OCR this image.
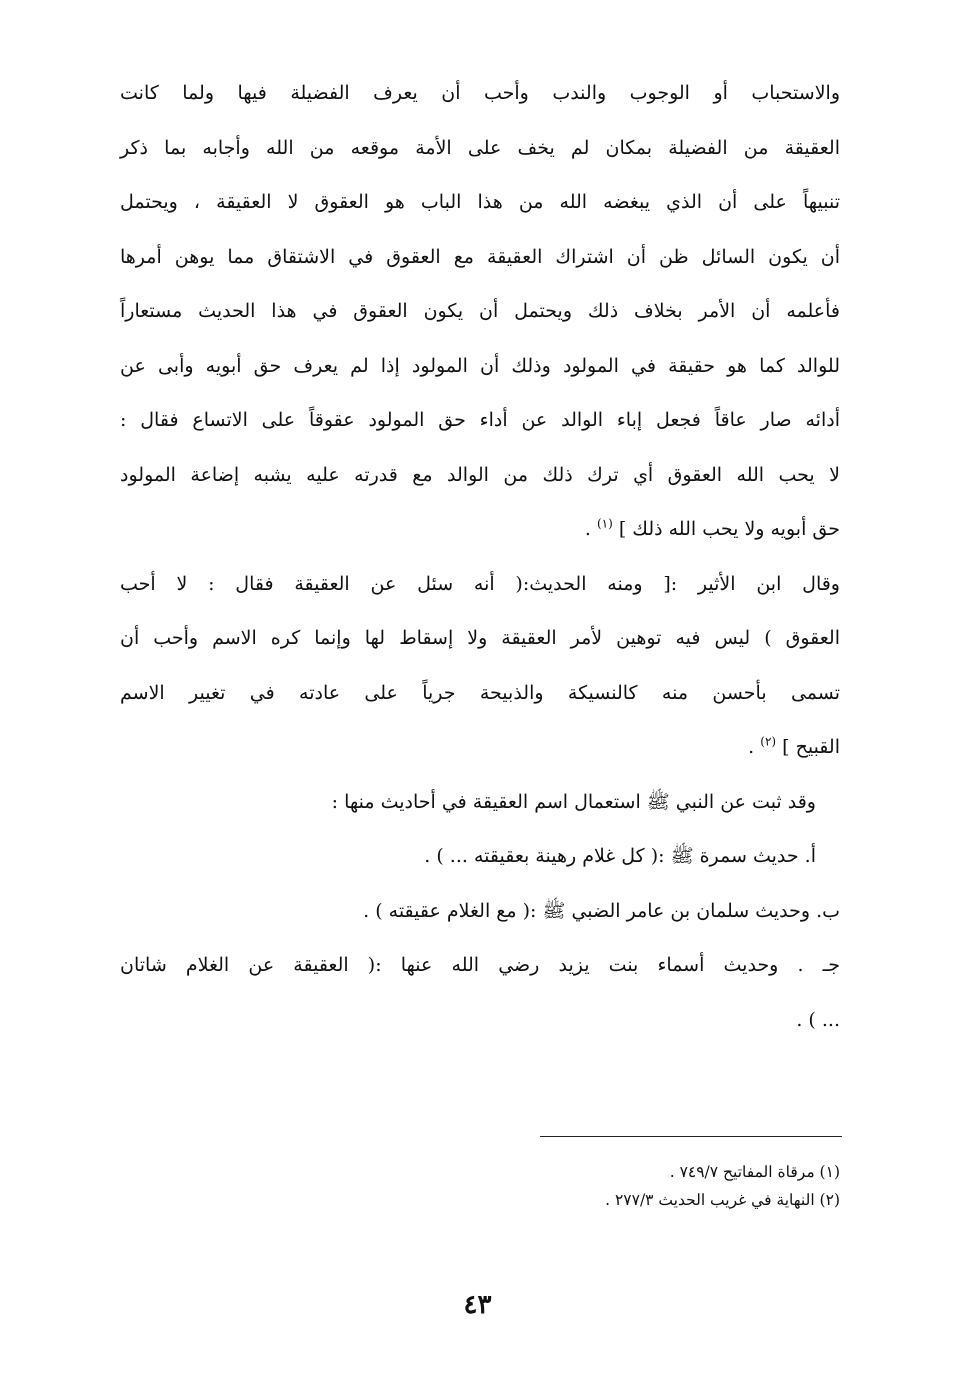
والاستحباب أو الوجوب والندب وأحب أن يعرف الفضيلة فيها ولما كانت
العقيقة من الفضيلة بمكان لم يخف على الأمة موقعه من الله وأجابه بما ذكر
تنبيهاً على أن الذي يبغضه الله من هذا الباب هو العقوق لا العقيقة ، ويحتمل
أن يكون السائل ظن أن اشتراك العقيقة مع العقوق في الاشتقاق مما يوهن أمرها
فأعلمه أن الأمر بخلاف ذلك ويحتمل أن يكون العقوق في هذا الحديث مستعاراً
للوالد كما هو حقيقة في المولود وذلك أن المولود إذا لم يعرف حق أبويه وأبى عن
أدائه صار عاقاً فجعل إباء الوالد عن أداء حق المولود عقوقاً على الاتساع فقال :
لا يحب الله العقوق أي ترك ذلك من الوالد مع قدرته عليه يشبه إضاعة المولود
حق أبويه ولا يحب الله ذلك ] $^{(١)}$ .
وقال ابن الأثير :[ ومنه الحديث:( أنه سئل عن العقيقة فقال : لا أحب
العقوق ) ليس فيه توهين لأمر العقيقة ولا إسقاط لها وإنما كره الاسم وأحب أن
تسمى بأحسن منه كالنسيكة والذبيحة جرياً على عادته في تغيير الاسم
القبيح ] $^{(٢)}$ .
وقد ثبت عن النبي ﷺ استعمال اسم العقيقة في أحاديث منها :
أ. حديث سمرة ﷺ :( كل غلام رهينة بعقيقته ... ) .
ب. وحديث سلمان بن عامر الضبي ﷺ :( مع الغلام عقيقته ) .
جـ . وحديث أسماء بنت يزيد رضي الله عنها :( العقيقة عن الغلام شاتان
... ) .
(١) مرقاة المفاتيح ٧٤٩/٧ .
(٢) النهاية في غريب الحديث ٢٧٧/٣ .
٤٣
